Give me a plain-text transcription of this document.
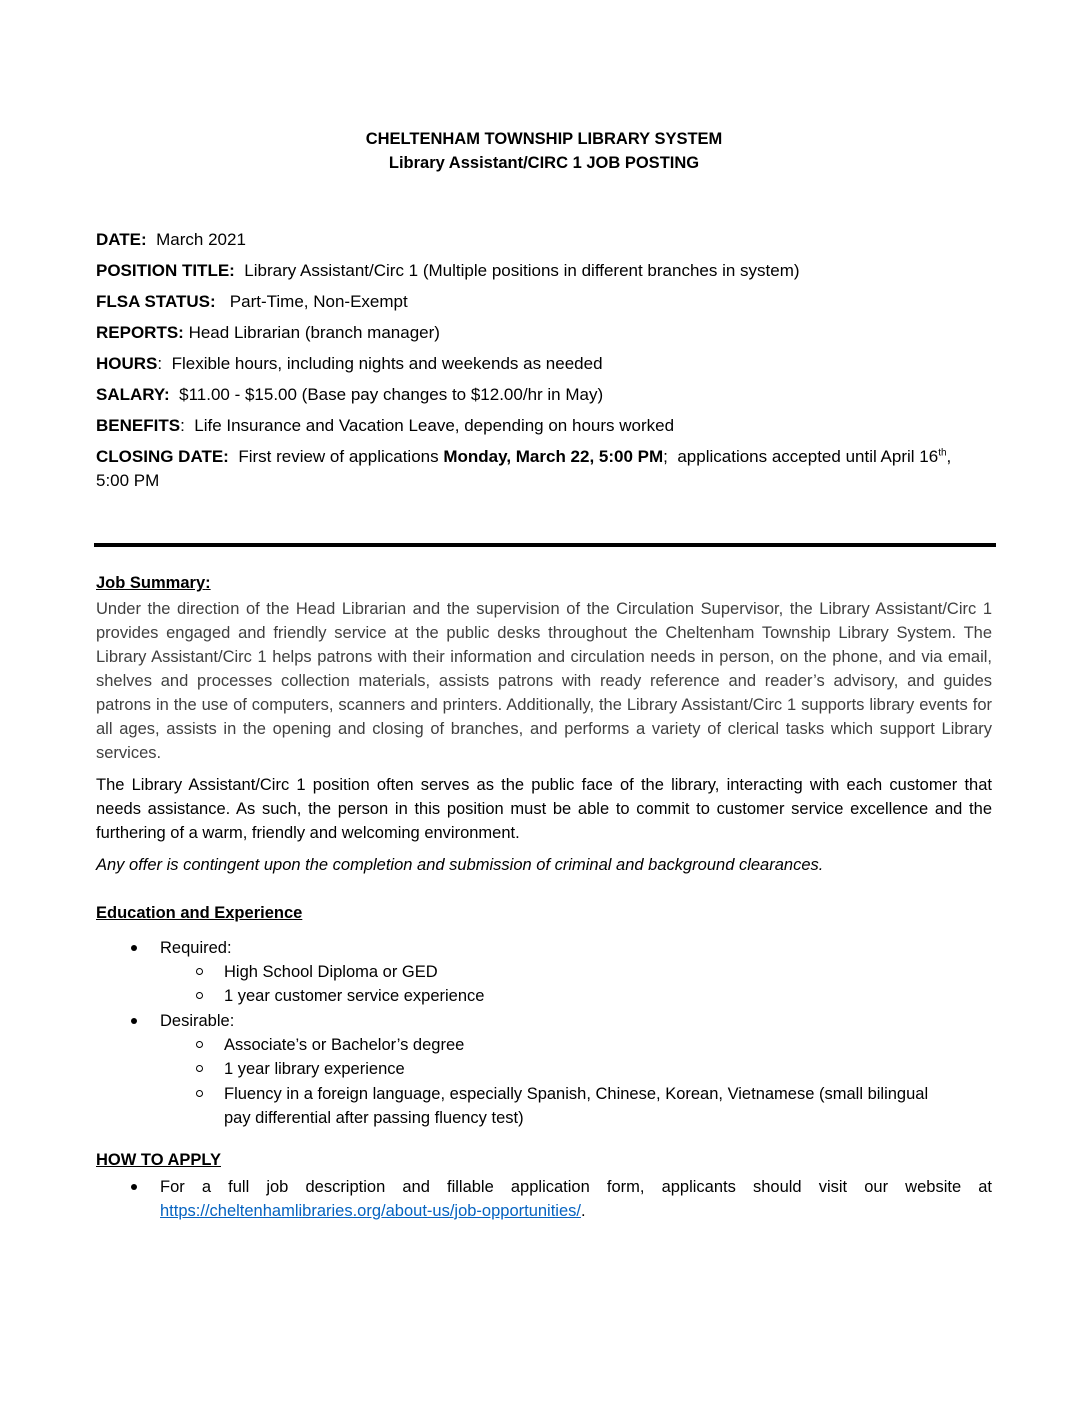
CHELTENHAM TOWNSHIP LIBRARY SYSTEM
Library Assistant/CIRC 1 JOB POSTING
DATE: March 2021
POSITION TITLE: Library Assistant/Circ 1 (Multiple positions in different branches in system)
FLSA STATUS: Part-Time, Non-Exempt
REPORTS: Head Librarian (branch manager)
HOURS:  Flexible hours, including nights and weekends as needed
SALARY: $11.00 - $15.00 (Base pay changes to $12.00/hr in May)
BENEFITS:  Life Insurance and Vacation Leave, depending on hours worked
CLOSING DATE: First review of applications Monday, March 22, 5:00 PM;  applications accepted until April 16th,
5:00 PM
Job Summary:
Under the direction of the Head Librarian and the supervision of the Circulation Supervisor, the Library Assistant/Circ 1 provides engaged and friendly service at the public desks throughout the Cheltenham Township Library System. The Library Assistant/Circ 1 helps patrons with their information and circulation needs in person, on the phone, and via email, shelves and processes collection materials, assists patrons with ready reference and reader’s advisory, and guides patrons in the use of computers, scanners and printers. Additionally, the Library Assistant/Circ 1 supports library events for all ages, assists in the opening and closing of branches, and performs a variety of clerical tasks which support Library services.
The Library Assistant/Circ 1 position often serves as the public face of the library, interacting with each customer that needs assistance. As such, the person in this position must be able to commit to customer service excellence and the furthering of a warm, friendly and welcoming environment.
Any offer is contingent upon the completion and submission of criminal and background clearances.
Education and Experience
Required:
High School Diploma or GED
1 year customer service experience
Desirable:
Associate’s or Bachelor’s degree
1 year library experience
Fluency in a foreign language, especially Spanish, Chinese, Korean, Vietnamese (small bilingual
pay differential after passing fluency test)
HOW TO APPLY
For a full job description and fillable application form, applicants should visit our website at
https://cheltenhamlibraries.org/about-us/job-opportunities/.
